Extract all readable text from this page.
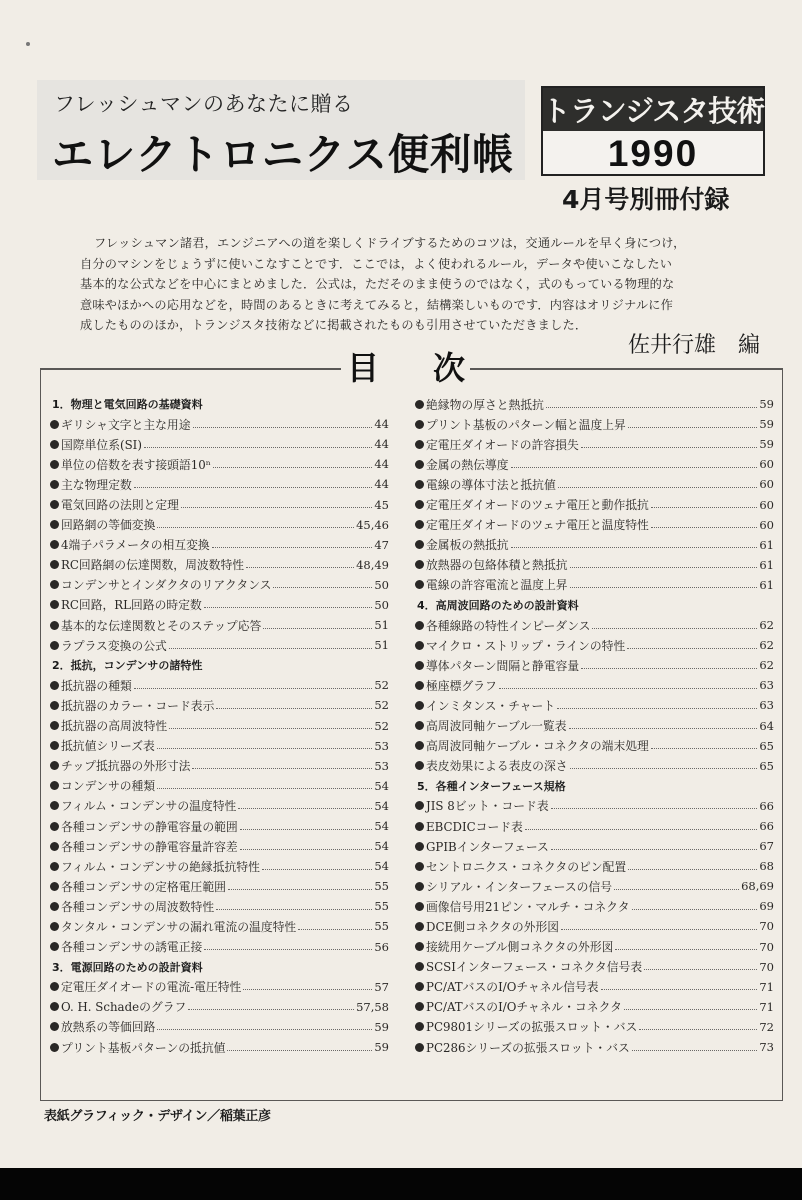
フレッシュマンのあなたに贈る
エレクトロニクス便利帳
トランジスタ技術
1990
4月号別冊付録

フレッシュマン諸君，エンジニアへの道を楽しくドライブするためのコツは，交通ルールを早く身につけ，

自分のマシンをじょうずに使いこなすことです．ここでは，よく使われるルール，データや使いこなしたい

基本的な公式などを中心にまとめました．公式は，ただそのまま使うのではなく，式のもっている物理的な

意味やほかへの応用などを，時間のあるときに考えてみると，結構楽しいものです．内容はオリジナルに作

成したもののほか，トランジスタ技術などに掲載されたものも引用させていただきました．

佐井行雄　編
目 次
1．物理と電気回路の基礎資料
ギリシャ文字と主な用途	44
国際単位系(SI)	44
単位の倍数を表す接頭語10ⁿ	44
主な物理定数	44
電気回路の法則と定理	45
回路網の等価変換	45,46
4端子パラメータの相互変換	47
RC回路網の伝達関数，周波数特性	48,49
コンデンサとインダクタのリアクタンス	50
RC回路，RL回路の時定数	50
基本的な伝達関数とそのステップ応答	51
ラプラス変換の公式	51
2．抵抗，コンデンサの諸特性
抵抗器の種類	52
抵抗器のカラー・コード表示	52
抵抗器の高周波特性	52
抵抗値シリーズ表	53
チップ抵抗器の外形寸法	53
コンデンサの種類	54
フィルム・コンデンサの温度特性	54
各種コンデンサの静電容量の範囲	54
各種コンデンサの静電容量許容差	54
フィルム・コンデンサの絶縁抵抗特性	54
各種コンデンサの定格電圧範囲	55
各種コンデンサの周波数特性	55
タンタル・コンデンサの漏れ電流の温度特性	55
各種コンデンサの誘電正接	56
3．電源回路のための設計資料
定電圧ダイオードの電流-電圧特性	57
O. H. Schadeのグラフ	57,58
放熱系の等価回路	59
プリント基板パターンの抵抗値	59
絶縁物の厚さと熱抵抗	59
プリント基板のパターン幅と温度上昇	59
定電圧ダイオードの許容損失	59
金属の熱伝導度	60
電線の導体寸法と抵抗値	60
定電圧ダイオードのツェナ電圧と動作抵抗	60
定電圧ダイオードのツェナ電圧と温度特性	60
金属板の熱抵抗	61
放熱器の包絡体積と熱抵抗	61
電線の許容電流と温度上昇	61
4．高周波回路のための設計資料
各種線路の特性インピーダンス	62
マイクロ・ストリップ・ラインの特性	62
導体パターン間隔と静電容量	62
極座標グラフ	63
インミタンス・チャート	63
高周波同軸ケーブル一覧表	64
高周波同軸ケーブル・コネクタの端末処理	65
表皮効果による表皮の深さ	65
5．各種インターフェース規格
JIS 8ビット・コード表	66
EBCDICコード表	66
GPIBインターフェース	67
セントロニクス・コネクタのピン配置	68
シリアル・インターフェースの信号	68,69
画像信号用21ピン・マルチ・コネクタ	69
DCE側コネクタの外形図	70
接続用ケーブル側コネクタの外形図	70
SCSIインターフェース・コネクタ信号表	70
PC/ATバスのI/Oチャネル信号表	71
PC/ATバスのI/Oチャネル・コネクタ	71
PC9801シリーズの拡張スロット・バス	72
PC286シリーズの拡張スロット・バス	73
表紙グラフィック・デザイン／稲葉正彦
